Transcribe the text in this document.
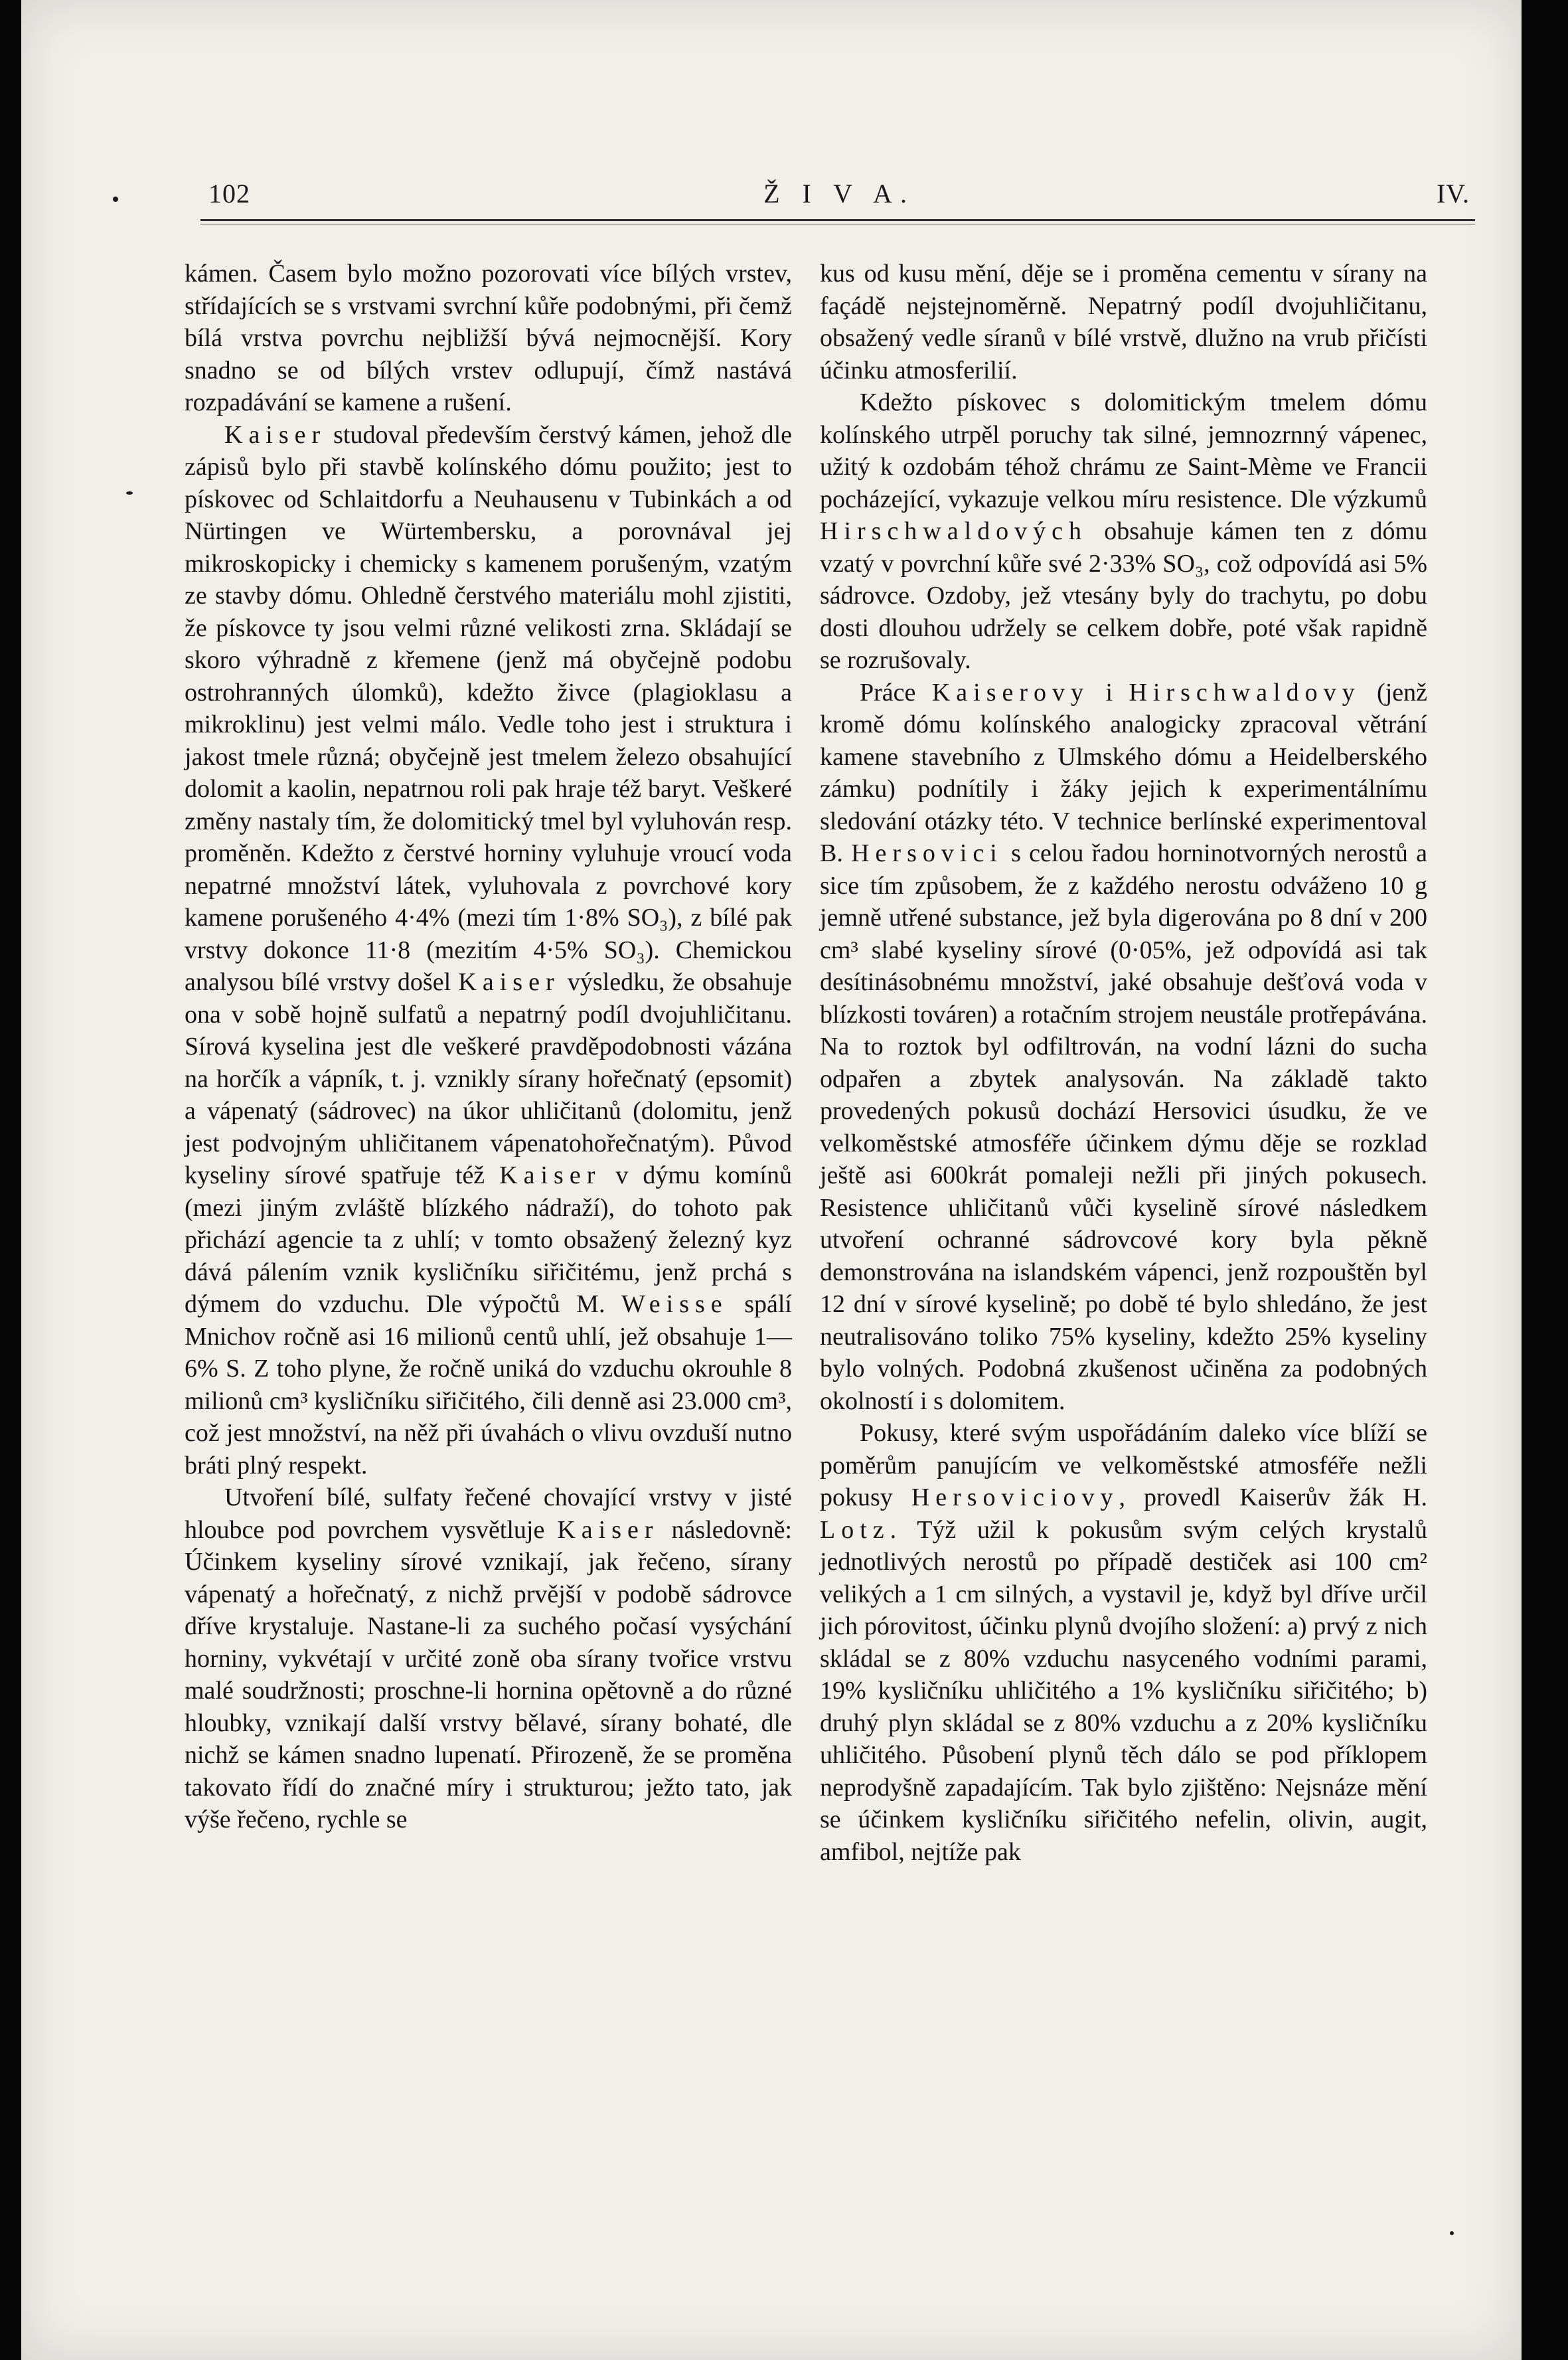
102	Ž I V A.	IV.

kámen. Časem bylo možno pozorovati více bílých vrstev, střídajících se s vrstvami svrchní kůře podobnými, při čemž bílá vrstva povrchu nejbližší bývá nejmocnější. Kory snadno se od bílých vrstev odlupují, čímž nastává rozpadávání se kamene a rušení.

Kaiser studoval především čerstvý kámen, jehož dle zápisů bylo při stavbě kolínského dómu použito; jest to pískovec od Schlaitdorfu a Neuhausenu v Tubinkách a od Nürtingen ve Würtembersku, a porovnával jej mikroskopicky i chemicky s kamenem porušeným, vzatým ze stavby dómu. Ohledně čerstvého materiálu mohl zjistiti, že pískovce ty jsou velmi různé velikosti zrna. Skládají se skoro výhradně z křemene (jenž má obyčejně podobu ostrohranných úlomků), kdežto živce (plagioklasu a mikroklinu) jest velmi málo. Vedle toho jest i struktura i jakost tmele různá; obyčejně jest tmelem železo obsahující dolomit a kaolin, nepatrnou roli pak hraje též baryt. Veškeré změny nastaly tím, že dolomitický tmel byl vyluhován resp. proměněn. Kdežto z čerstvé horniny vyluhuje vroucí voda nepatrné množství látek, vyluhovala z povrchové kory kamene porušeného 4·4% (mezi tím 1·8% SO₃), z bílé pak vrstvy dokonce 11·8 (mezitím 4·5% SO₃). Chemickou analysou bílé vrstvy došel Kaiser výsledku, že obsahuje ona v sobě hojně sulfatů a nepatrný podíl dvojuhličitanu. Sírová kyselina jest dle veškeré pravděpodobnosti vázána na horčík a vápník, t. j. vznikly sírany hořečnatý (epsomit) a vápenatý (sádrovec) na úkor uhličitanů (dolomitu, jenž jest podvojným uhličitanem vápenatohořečnatým). Původ kyseliny sírové spatřuje též Kaiser v dýmu komínů (mezi jiným zvláště blízkého nádraží), do tohoto pak přichází agencie ta z uhlí; v tomto obsažený železný kyz dává pálením vznik kysličníku siřičitému, jenž prchá s dýmem do vzduchu. Dle výpočtů M. Weisse spálí Mnichov ročně asi 16 milionů centů uhlí, jež obsahuje 1—6% S. Z toho plyne, že ročně uniká do vzduchu okrouhle 8 milionů cm³ kysličníku siřičitého, čili denně asi 23.000 cm³, což jest množství, na něž při úvahách o vlivu ovzduší nutno bráti plný respekt.

Utvoření bílé, sulfaty řečené chovající vrstvy v jisté hloubce pod povrchem vysvětluje Kaiser následovně: Účinkem kyseliny sírové vznikají, jak řečeno, sírany vápenatý a hořečnatý, z nichž prvější v podobě sádrovce dříve krystaluje. Nastane-li za suchého počasí vysýchání horniny, vykvétají v určité zoně oba sírany tvořice vrstvu malé soudržnosti; proschne-li hornina opětovně a do různé hloubky, vznikají další vrstvy bělavé, sírany bohaté, dle nichž se kámen snadno lupenatí. Přirozeně, že se proměna takovato řídí do značné míry i strukturou; ježto tato, jak výše řečeno, rychle se

kus od kusu mění, děje se i proměna cementu v sírany na façádě nejstejnoměrně. Nepatrný podíl dvojuhličitanu, obsažený vedle síranů v bílé vrstvě, dlužno na vrub přičísti účinku atmosferilií.

Kdežto pískovec s dolomitickým tmelem dómu kolínského utrpěl poruchy tak silné, jemnozrnný vápenec, užitý k ozdobám téhož chrámu ze Saint-Mème ve Francii pocházející, vykazuje velkou míru resistence. Dle výzkumů Hirschwaldových obsahuje kámen ten z dómu vzatý v povrchní kůře své 2·33% SO₃, což odpovídá asi 5% sádrovce. Ozdoby, jež vtesány byly do trachytu, po dobu dosti dlouhou udržely se celkem dobře, poté však rapidně se rozrušovaly.

Práce Kaiserovy i Hirschwaldovy (jenž kromě dómu kolínského analogicky zpracoval větrání kamene stavebního z Ulmského dómu a Heidelberského zámku) podnítily i žáky jejich k experimentálnímu sledování otázky této. V technice berlínské experimentoval B. Hersovici s celou řadou horninotvorných nerostů a sice tím způsobem, že z každého nerostu odváženo 10 g jemně utřené substance, jež byla digerována po 8 dní v 200 cm³ slabé kyseliny sírové (0·05%, jež odpovídá asi tak desítinásobnému množství, jaké obsahuje dešťová voda v blízkosti továren) a rotačním strojem neustále protřepávána. Na to roztok byl odfiltrován, na vodní lázni do sucha odpařen a zbytek analysován. Na základě takto provedených pokusů dochází Hersovici úsudku, že ve velkoměstské atmosféře účinkem dýmu děje se rozklad ještě asi 600krát pomaleji nežli při jiných pokusech. Resistence uhličitanů vůči kyselině sírové následkem utvoření ochranné sádrovcové kory byla pěkně demonstrována na islandském vápenci, jenž rozpouštěn byl 12 dní v sírové kyselině; po době té bylo shledáno, že jest neutralisováno toliko 75% kyseliny, kdežto 25% kyseliny bylo volných. Podobná zkušenost učiněna za podobných okolností i s dolomitem.

Pokusy, které svým uspořádáním daleko více blíží se poměrům panujícím ve velkoměstské atmosféře nežli pokusy Hersoviciovy, provedl Kaiserův žák H. Lotz. Týž užil k pokusům svým celých krystalů jednotlivých nerostů po případě destiček asi 100 cm² velikých a 1 cm silných, a vystavil je, když byl dříve určil jich pórovitost, účinku plynů dvojího složení: a) prvý z nich skládal se z 80% vzduchu nasyceného vodními parami, 19% kysličníku uhličitého a 1% kysličníku siřičitého; b) druhý plyn skládal se z 80% vzduchu a z 20% kysličníku uhličitého. Působení plynů těch dálo se pod příklopem neprodyšně zapadajícím. Tak bylo zjištěno: Nejsnáze mění se účinkem kysličníku siřičitého nefelin, olivin, augit, amfibol, nejtíže pak
